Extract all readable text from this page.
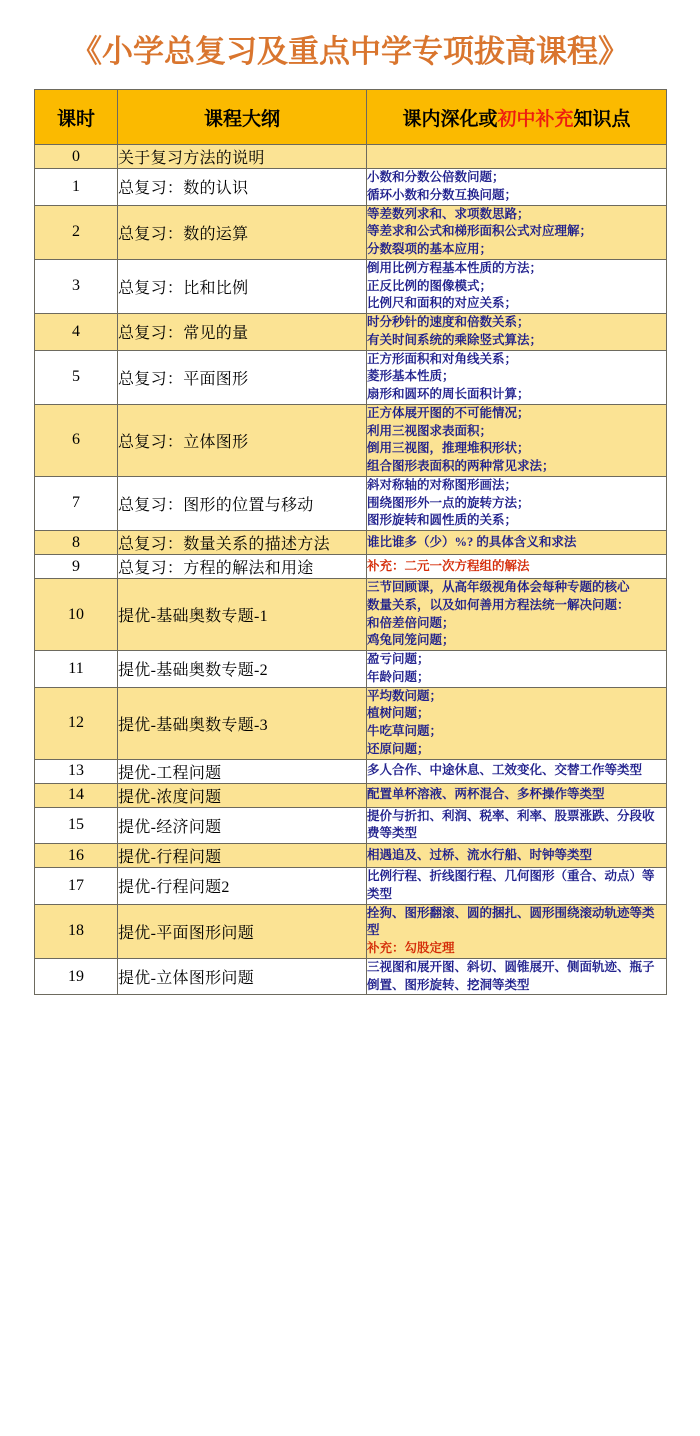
《小学总复习及重点中学专项拔高课程》
课时	课程大纲	课内深化或初中补充知识点
0	关于复习方法的说明	
1	总复习：数的认识	小数和分数公倍数问题；
循环小数和分数互换问题；

2	总复习：数的运算	等差数列求和、求项数思路；
等差求和公式和梯形面积公式对应理解；
分数裂项的基本应用；

3	总复习：比和比例	倒用比例方程基本性质的方法；
正反比例的图像模式；
比例尺和面积的对应关系；

4	总复习：常见的量	时分秒针的速度和倍数关系；
有关时间系统的乘除竖式算法；

5	总复习：平面图形	正方形面积和对角线关系；
菱形基本性质；
扇形和圆环的周长面积计算；

6	总复习：立体图形	正方体展开图的不可能情况；
利用三视图求表面积；
倒用三视图，推理堆积形状；
组合图形表面积的两种常见求法；

7	总复习：图形的位置与移动	斜对称轴的对称图形画法；
围绕图形外一点的旋转方法；
图形旋转和圆性质的关系；

8	总复习：数量关系的描述方法	谁比谁多（少）%? 的具体含义和求法

9	总复习：方程的解法和用途	补充：二元一次方程组的解法

10	提优-基础奥数专题-1	三节回顾课，从高年级视角体会每种专题的核心
数量关系，以及如何善用方程法统一解决问题：
和倍差倍问题；
鸡兔同笼问题；

11	提优-基础奥数专题-2	盈亏问题；
年龄问题；

12	提优-基础奥数专题-3	平均数问题；
植树问题；
牛吃草问题；
还原问题；

13	提优-工程问题	多人合作、中途休息、工效变化、交替工作等类型

14	提优-浓度问题	配置单杯溶液、两杯混合、多杯操作等类型

15	提优-经济问题	提价与折扣、利润、税率、利率、股票涨跌、分段收费等类型

16	提优-行程问题	相遇追及、过桥、流水行船、时钟等类型

17	提优-行程问题2	比例行程、折线图行程、几何图形（重合、动点）等类型

18	提优-平面图形问题	拴狗、图形翻滚、圆的捆扎、圆形围绕滚动轨迹等类型
补充：勾股定理

19	提优-立体图形问题	三视图和展开图、斜切、圆锥展开、侧面轨迹、瓶子倒置、图形旋转、挖洞等类型
